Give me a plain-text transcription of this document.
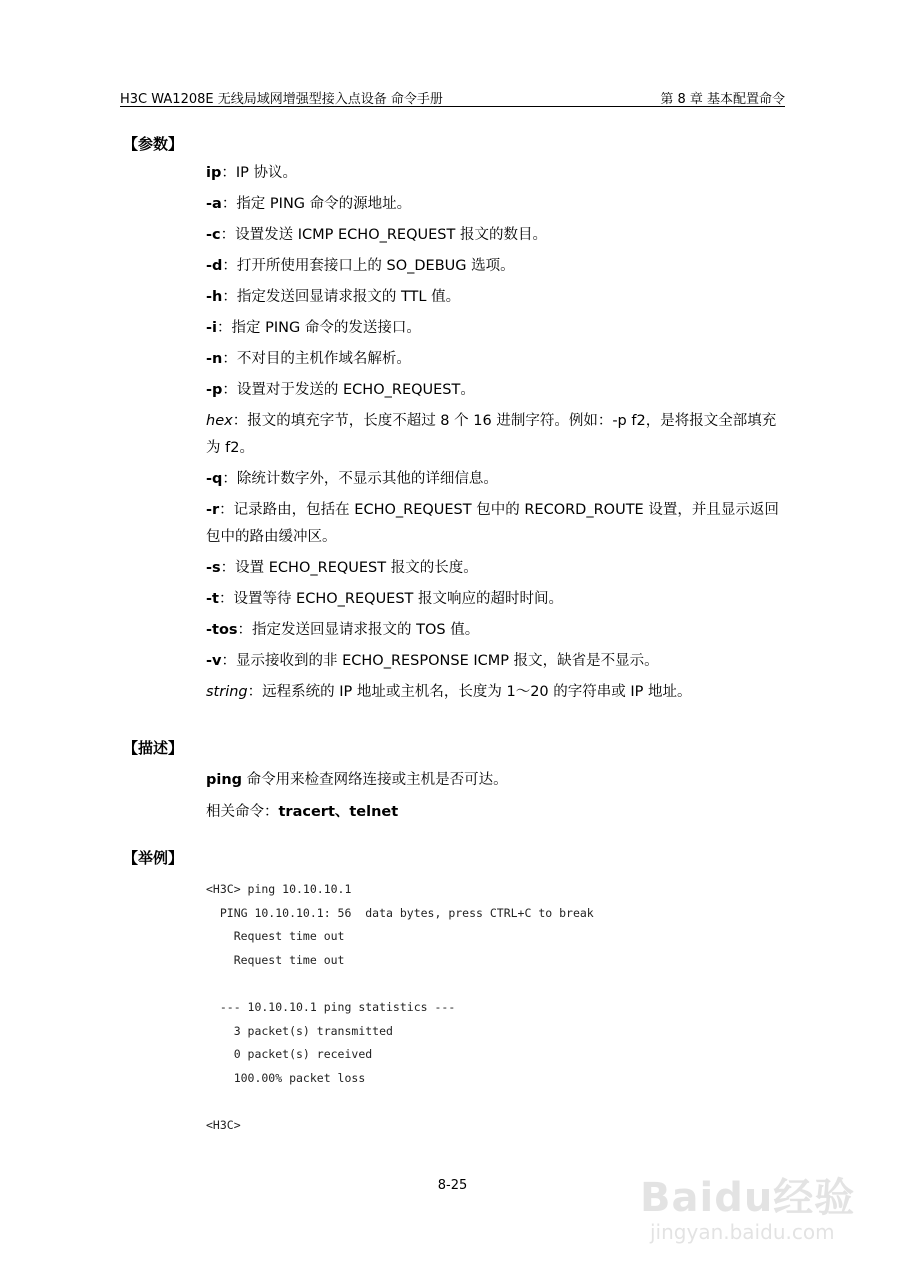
H3C WA1208E 无线局域网增强型接入点设备 命令手册	第 8 章 基本配置命令
【参数】
ip：IP 协议。
-a：指定 PING 命令的源地址。
-c：设置发送 ICMP ECHO_REQUEST 报文的数目。
-d：打开所使用套接口上的 SO_DEBUG 选项。
-h：指定发送回显请求报文的 TTL 值。
-i：指定 PING 命令的发送接口。
-n：不对目的主机作域名解析。
-p：设置对于发送的 ECHO_REQUEST。
hex：报文的填充字节，长度不超过 8 个 16 进制字符。例如：-p f2，是将报文全部填充为 f2。
-q：除统计数字外，不显示其他的详细信息。
-r：记录路由，包括在 ECHO_REQUEST 包中的 RECORD_ROUTE 设置，并且显示返回包中的路由缓冲区。
-s：设置 ECHO_REQUEST 报文的长度。
-t：设置等待 ECHO_REQUEST 报文响应的超时时间。
-tos：指定发送回显请求报文的 TOS 值。
-v：显示接收到的非 ECHO_RESPONSE ICMP 报文，缺省是不显示。
string：远程系统的 IP 地址或主机名，长度为 1～20 的字符串或 IP 地址。
【描述】

ping 命令用来检查网络连接或主机是否可达。

相关命令：tracert、telnet

【举例】
<H3C> ping 10.10.10.1
PING 10.10.10.1: 56  data bytes, press CTRL+C to break
Request time out
Request time out
--- 10.10.10.1 ping statistics ---
3 packet(s) transmitted
0 packet(s) received
100.00% packet loss
<H3C>
8-25	Baidu经验
jingyan.baidu.com
